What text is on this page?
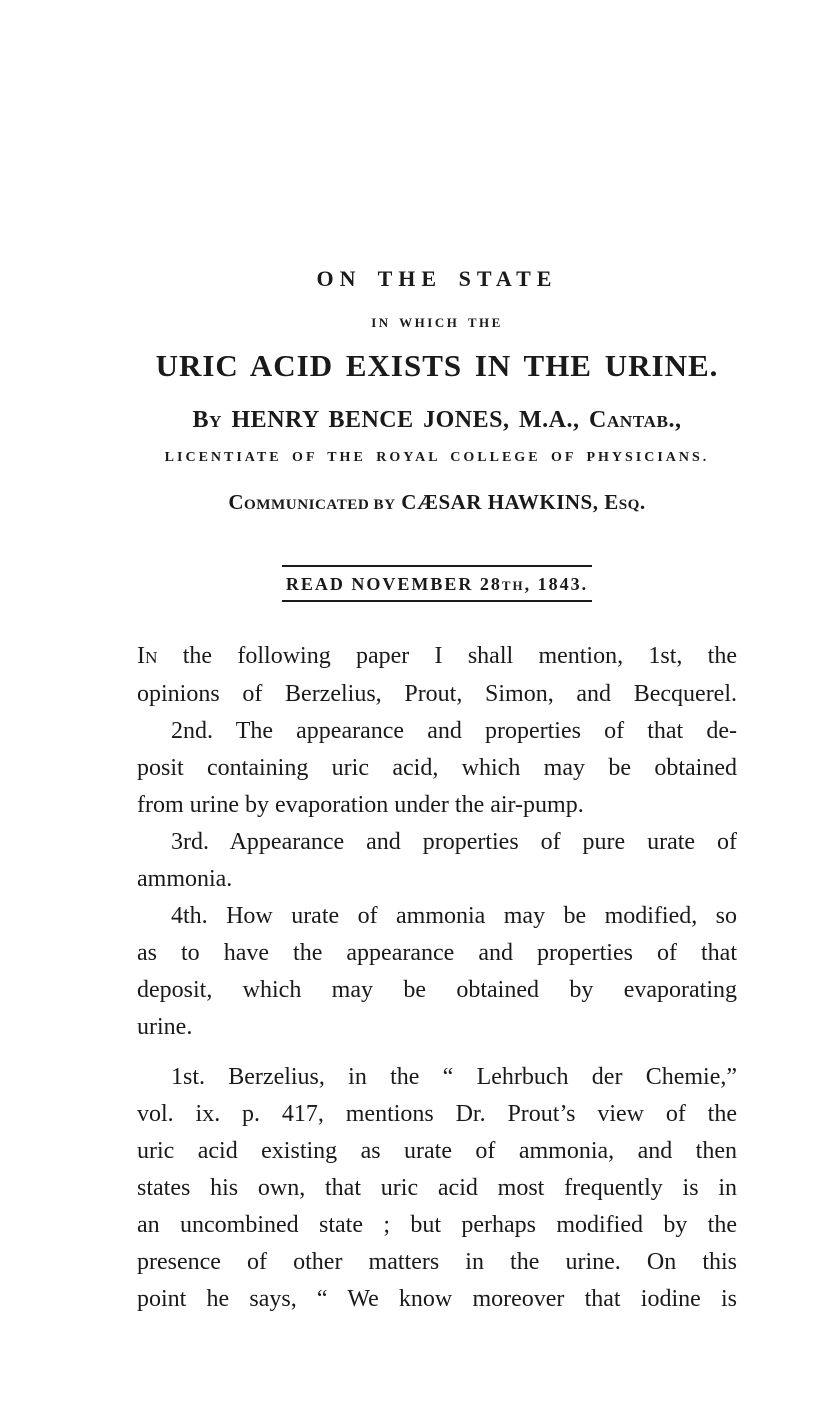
ON THE STATE
IN WHICH THE
URIC ACID EXISTS IN THE URINE.
BY HENRY BENCE JONES, M.A., CANTAB.,
LICENTIATE OF THE ROYAL COLLEGE OF PHYSICIANS.
COMMUNICATED BY CÆSAR HAWKINS, ESQ.
READ NOVEMBER 28TH, 1843.
IN the following paper I shall mention, 1st, the
opinions of Berzelius, Prout, Simon, and Becquerel.
2nd. The appearance and properties of that de-
posit containing uric acid, which may be obtained
from urine by evaporation under the air-pump.
3rd. Appearance and properties of pure urate of
ammonia.
4th. How urate of ammonia may be modified, so
as to have the appearance and properties of that
deposit, which may be obtained by evaporating
urine.
1st. Berzelius, in the “ Lehrbuch der Chemie,”
vol. ix. p. 417, mentions Dr. Prout’s view of the
uric acid existing as urate of ammonia, and then
states his own, that uric acid most frequently is in
an uncombined state ; but perhaps modified by the
presence of other matters in the urine. On this
point he says, “ We know moreover that iodine is
